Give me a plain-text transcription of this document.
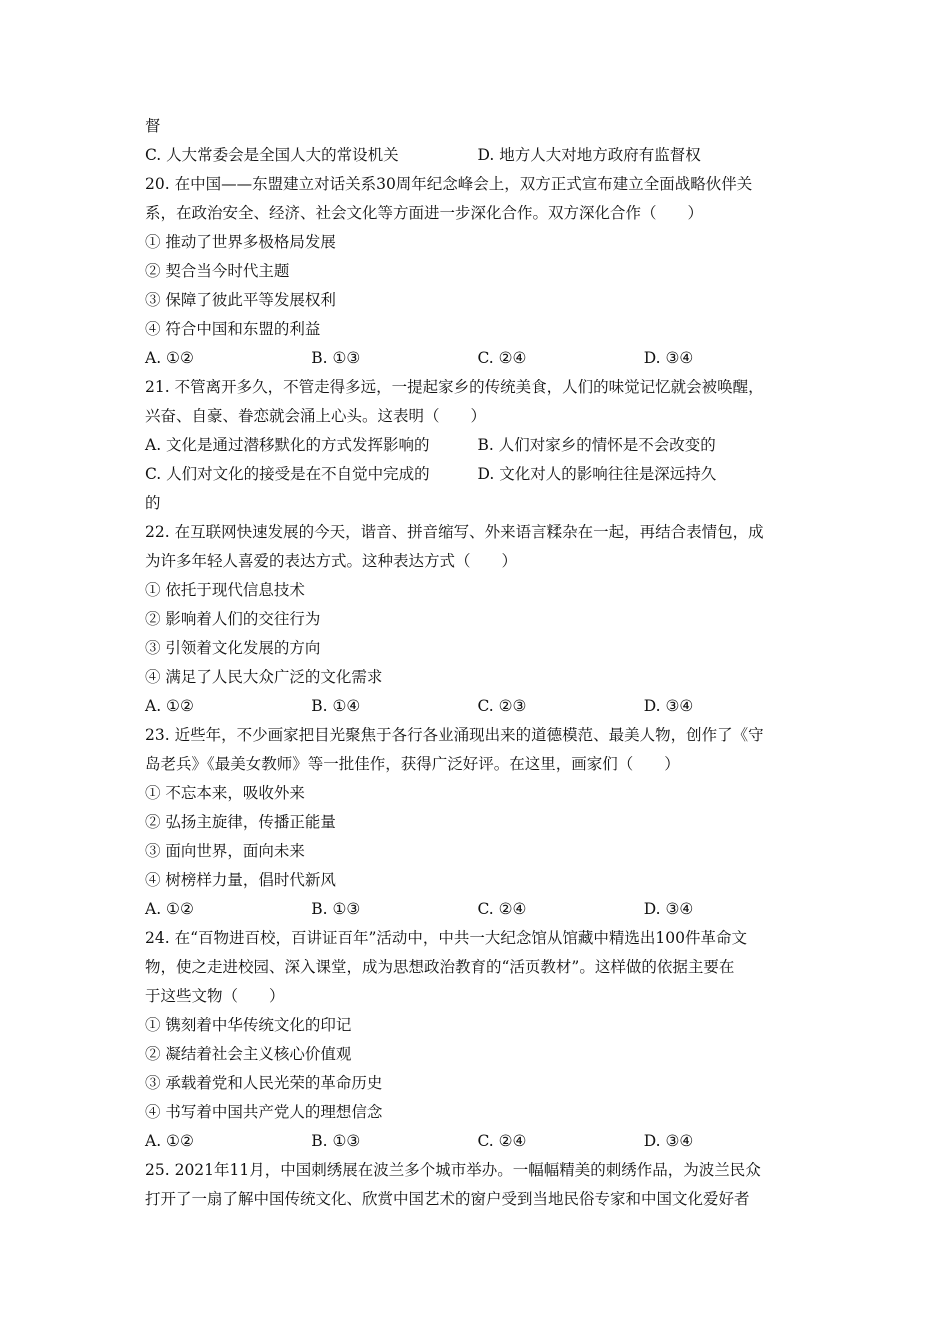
督
C. 人大常委会是全国人大的常设机关	D. 地方人大对地方政府有监督权
20. 在中国——东盟建立对话关系30周年纪念峰会上，双方正式宣布建立全面战略伙伴关
系，在政治安全、经济、社会文化等方面进一步深化合作。双方深化合作（　　）
① 推动了世界多极格局发展
② 契合当今时代主题
③ 保障了彼此平等发展权利
④ 符合中国和东盟的利益
A. ①②	B. ①③	C. ②④	D. ③④
21. 不管离开多久，不管走得多远，一提起家乡的传统美食，人们的味觉记忆就会被唤醒，
兴奋、自豪、眷恋就会涌上心头。这表明（　　）
A. 文化是通过潜移默化的方式发挥影响的	B. 人们对家乡的情怀是不会改变的
C. 人们对文化的接受是在不自觉中完成的	D. 文化对人的影响往往是深远持久
的
22. 在互联网快速发展的今天，谐音、拼音缩写、外来语言糅杂在一起，再结合表情包，成
为许多年轻人喜爱的表达方式。这种表达方式（　　）
① 依托于现代信息技术
② 影响着人们的交往行为
③ 引领着文化发展的方向
④ 满足了人民大众广泛的文化需求
A. ①②	B. ①④	C. ②③	D. ③④
23. 近些年，不少画家把目光聚焦于各行各业涌现出来的道德模范、最美人物，创作了《守
岛老兵》《最美女教师》等一批佳作，获得广泛好评。在这里，画家们（　　）
① 不忘本来，吸收外来
② 弘扬主旋律，传播正能量
③ 面向世界，面向未来
④ 树榜样力量，倡时代新风
A. ①②	B. ①③	C. ②④	D. ③④
24. 在“百物进百校，百讲证百年”活动中，中共一大纪念馆从馆藏中精选出100件革命文
物，使之走进校园、深入课堂，成为思想政治教育的“活页教材”。这样做的依据主要在
于这些文物（　　）
① 镌刻着中华传统文化的印记
② 凝结着社会主义核心价值观
③ 承载着党和人民光荣的革命历史
④ 书写着中国共产党人的理想信念
A. ①②	B. ①③	C. ②④	D. ③④
25. 2021年11月，中国刺绣展在波兰多个城市举办。一幅幅精美的刺绣作品，为波兰民众
打开了一扇了解中国传统文化、欣赏中国艺术的窗户受到当地民俗专家和中国文化爱好者
